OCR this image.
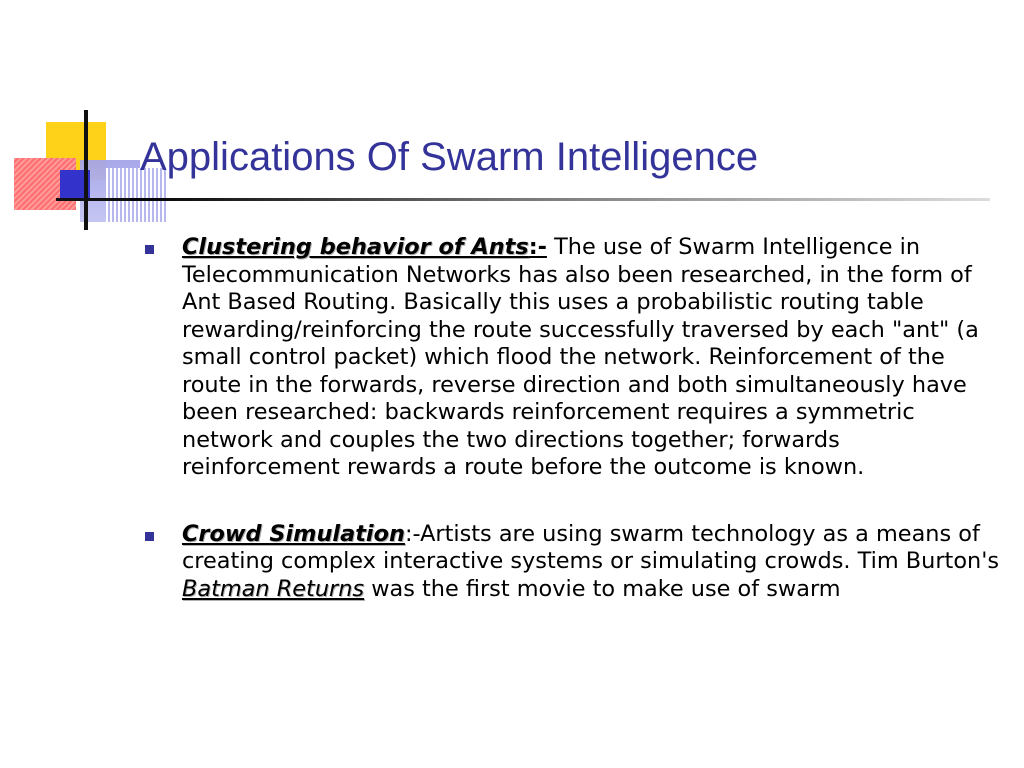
Applications Of Swarm Intelligence
Clustering behavior of Ants:- The use of Swarm Intelligence in Telecommunication Networks has also been researched, in the form of Ant Based Routing. Basically this uses a probabilistic routing table rewarding/reinforcing the route successfully traversed by each "ant" (a small control packet) which flood the network. Reinforcement of the route in the forwards, reverse direction and both simultaneously have been researched: backwards reinforcement requires a symmetric network and couples the two directions together; forwards reinforcement rewards a route before the outcome is known.
Crowd Simulation:-Artists are using swarm technology as a means of creating complex interactive systems or simulating crowds. Tim Burton's Batman Returns was the first movie to make use of swarm
